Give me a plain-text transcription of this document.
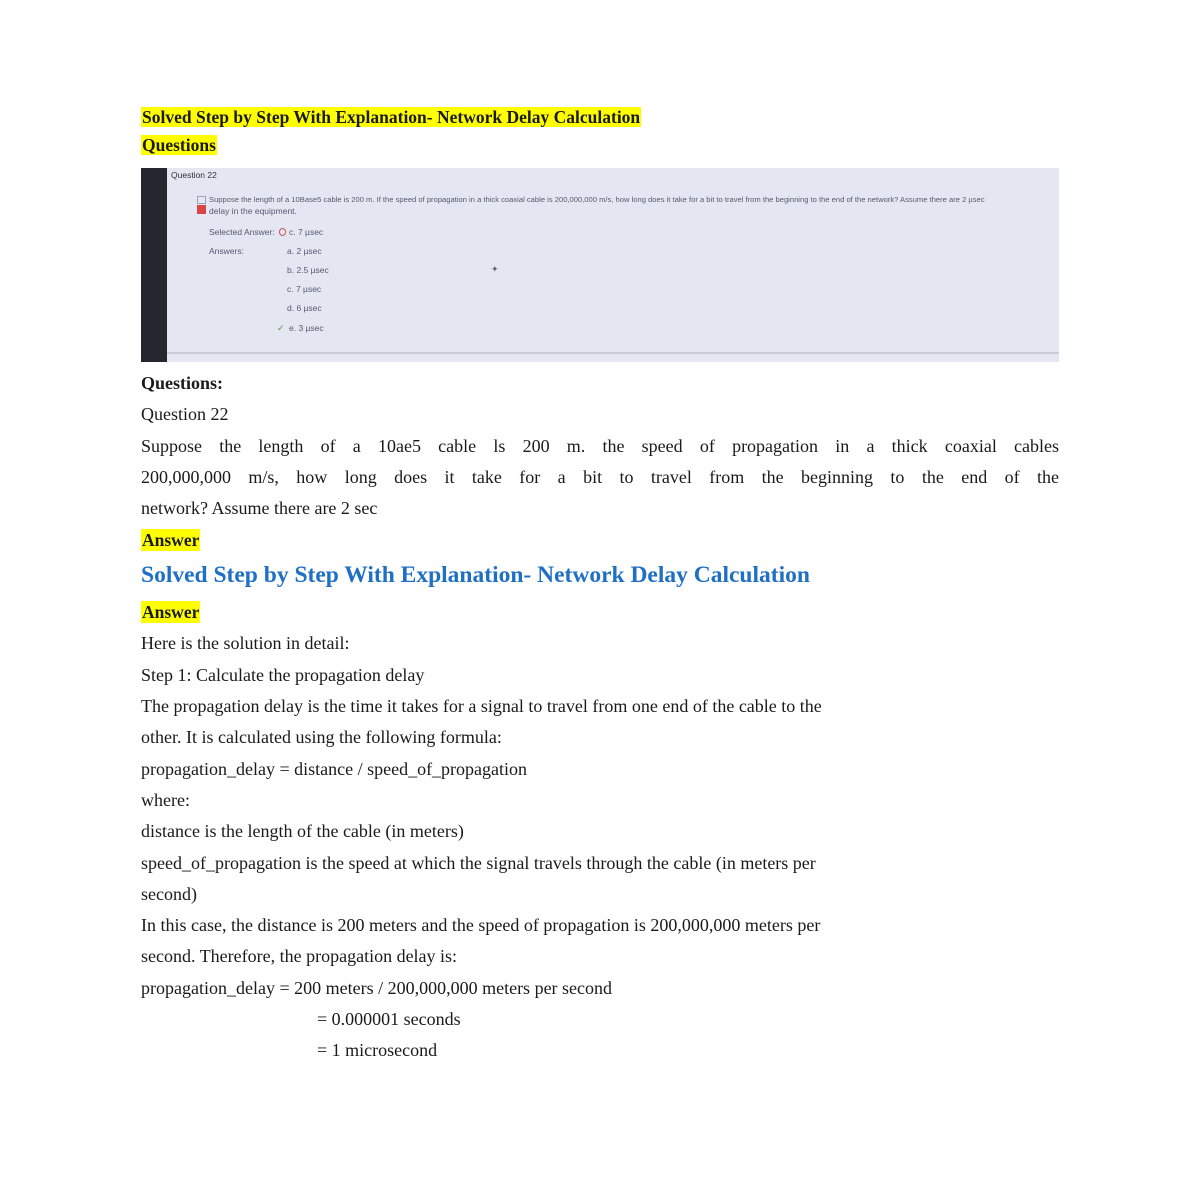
Solved Step by Step With Explanation- Network Delay Calculation
Questions
Question 22
Suppose the length of a 10Base5 cable is 200 m. If the speed of propagation in a thick coaxial cable is 200,000,000 m/s, how long does it take for a bit to travel from the beginning to the end of the network? Assume there are 2 µsec
delay in the equipment.
Selected Answer: c. 7 µsec
Answers:	a. 2 µsec
b. 2.5 µsec
c. 7 µsec
d. 6 µsec
✓ e. 3 µsec
✦
Questions:
Question 22
Suppose the length of a 10ae5 cable ls 200 m. the speed of propagation in a thick coaxial cables
200,000,000 m/s, how long does it take for a bit to travel from the beginning to the end of the
network? Assume there are 2 sec
Answer
Solved Step by Step With Explanation- Network Delay Calculation
Answer
Here is the solution in detail:
Step 1: Calculate the propagation delay
The propagation delay is the time it takes for a signal to travel from one end of the cable to the
other. It is calculated using the following formula:
propagation_delay = distance / speed_of_propagation
where:
distance is the length of the cable (in meters)
speed_of_propagation is the speed at which the signal travels through the cable (in meters per
second)
In this case, the distance is 200 meters and the speed of propagation is 200,000,000 meters per
second. Therefore, the propagation delay is:
propagation_delay = 200 meters / 200,000,000 meters per second
= 0.000001 seconds
= 1 microsecond
